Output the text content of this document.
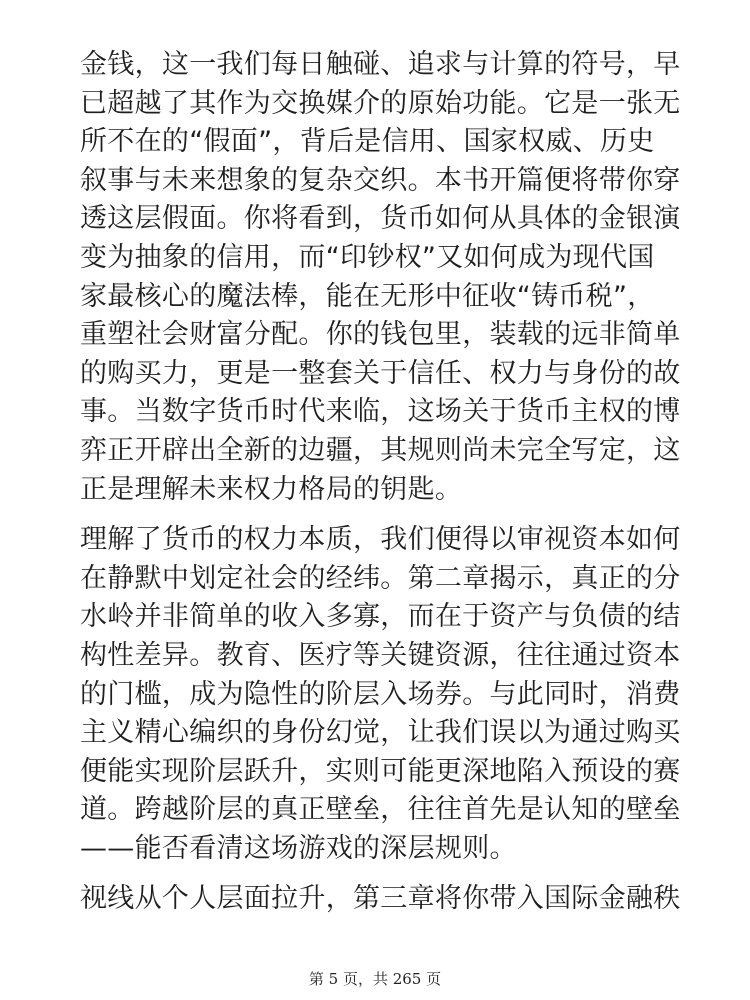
金钱，这一我们每日触碰、追求与计算的符号，早
已超越了其作为交换媒介的原始功能。它是一张无
所不在的“假面”，背后是信用、国家权威、历史
叙事与未来想象的复杂交织。本书开篇便将带你穿
透这层假面。你将看到，货币如何从具体的金银演
变为抽象的信用，而“印钞权”又如何成为现代国
家最核心的魔法棒，能在无形中征收“铸币税”，
重塑社会财富分配。你的钱包里，装载的远非简单
的购买力，更是一整套关于信任、权力与身份的故
事。当数字货币时代来临，这场关于货币主权的博
弈正开辟出全新的边疆，其规则尚未完全写定，这
正是理解未来权力格局的钥匙。

理解了货币的权力本质，我们便得以审视资本如何
在静默中划定社会的经纬。第二章揭示，真正的分
水岭并非简单的收入多寡，而在于资产与负债的结
构性差异。教育、医疗等关键资源，往往通过资本
的门槛，成为隐性的阶层入场券。与此同时，消费
主义精心编织的身份幻觉，让我们误以为通过购买
便能实现阶层跃升，实则可能更深地陷入预设的赛
道。跨越阶层的真正壁垒，往往首先是认知的壁垒
——能否看清这场游戏的深层规则。

视线从个人层面拉升，第三章将你带入国际金融秩

第 5 页，共 265 页
